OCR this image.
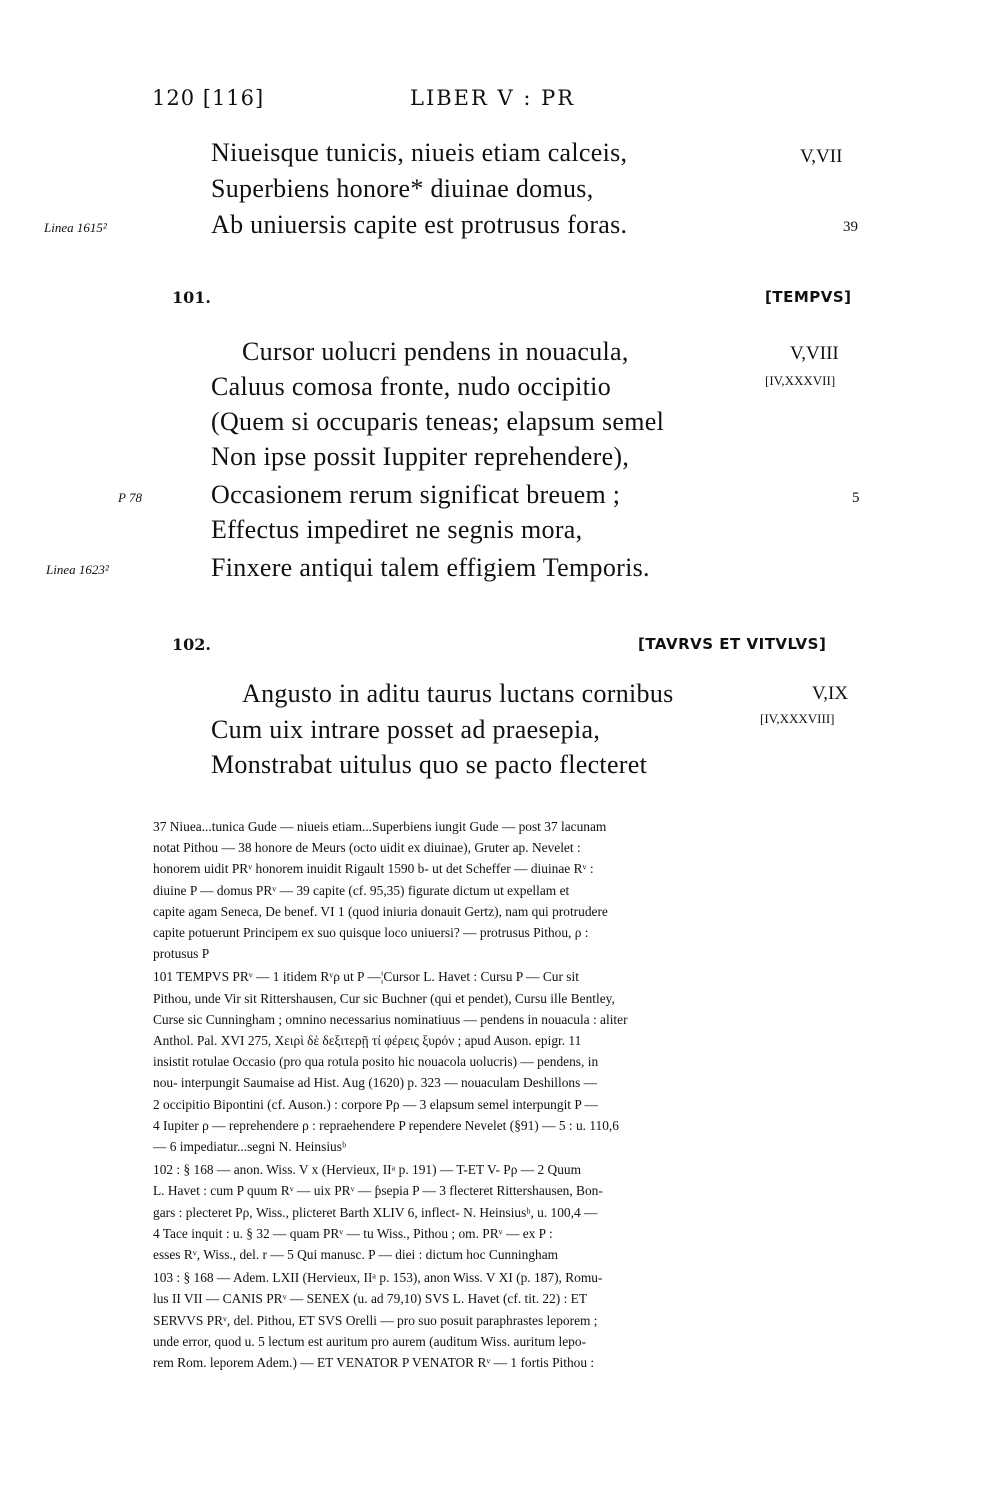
120 [116]	LIBER V : PR
Niueisque tunicis, niueis etiam calceis,
Superbiens honore* diuinae domus,
Ab uniuersis capite est protrusus foras.
V,VII
39
Linea 1615²
101.	[TEMPVS]
Cursor uolucri pendens in nouacula,
Caluus comosa fronte, nudo occipitio
(Quem si occuparis teneas; elapsum semel
Non ipse possit Iuppiter reprehendere),
Occasionem rerum significat breuem ;
Effectus impediret ne segnis mora,
Finxere antiqui talem effigiem Temporis.
V,VIII
[IV,XXXVII]
5
P 78
Linea 1623²
102.	[TAVRVS ET VITVLVS]
Angusto in aditu taurus luctans cornibus
Cum uix intrare posset ad praesepia,
Monstrabat uitulus quo se pacto flecteret
V,IX
[IV,XXXVIII]

37 Niuea...tunica Gude — niueis etiam...Superbiens iungit Gude — post 37 lacunam
notat Pithou — 38 honore de Meurs (octo uidit ex diuinae), Gruter ap. Nevelet :
honorem uidit PRᵛ honorem inuidit Rigault 1590 b- ut det Scheffer — diuinae Rᵛ :
diuine P — domus PRᵛ — 39 capite (cf. 95,35) figurate dictum ut expellam et
capite agam Seneca, De benef. VI 1 (quod iniuria donauit Gertz), nam qui protrudere
capite potuerunt Principem ex suo quisque loco uniuersi? — protrusus Pithou, ρ :
protusus P

101 TEMPVS PRᵛ — 1 itidem Rᵛρ ut P —¦Cursor L. Havet : Cursu P — Cur sit
Pithou, unde Vir sit Rittershausen, Cur sic Buchner (qui et pendet), Cursu ille Bentley,
Curse sic Cunningham ; omnino necessarius nominatiuus — pendens in nouacula : aliter
Anthol. Pal. XVI 275, Χειρὶ δὲ δεξιτερῇ τί φέρεις ξυρόν ; apud Auson. epigr. 11
insistit rotulae Occasio (pro qua rotula posito hic nouacola uolucris) — pendens, in
nou- interpungit Saumaise ad Hist. Aug (1620) p. 323 — nouaculam Deshillons —
2 occipitio Bipontini (cf. Auson.) : corpore Pρ — 3 elapsum semel interpungit P —
4 Iupiter ρ — reprehendere ρ : repraehendere P rependere Nevelet (§91) — 5 : u. 110,6
— 6 impediatur...segni N. Heinsiusᵇ

102 : § 168 — anon. Wiss. V x (Hervieux, IIᵃ p. 191) — T-ET V- Pρ — 2 Quum
L. Havet : cum P quum Rᵛ — uix PRᵛ — ƥsepia P — 3 flecteret Rittershausen, Bon-
gars : plecteret Pρ, Wiss., plicteret Barth XLIV 6, inflect- N. Heinsiusᵇ, u. 100,4 —
4 Tace inquit : u. § 32 — quam PRᵛ — tu Wiss., Pithou ; om. PRᵛ — ex P :
esses Rᵛ, Wiss., del. r — 5 Qui manusc. P — diei : dictum hoc Cunningham

103 : § 168 — Adem. LXII (Hervieux, IIᵃ p. 153), anon Wiss. V XI (p. 187), Romu-
lus II VII — CANIS PRᵛ — SENEX (u. ad 79,10) SVS L. Havet (cf. tit. 22) : ET
SERVVS PRᵛ, del. Pithou, ET SVS Orelli — pro suo posuit paraphrastes leporem ;
unde error, quod u. 5 lectum est auritum pro aurem (auditum Wiss. auritum lepo-
rem Rom. leporem Adem.) — ET VENATOR P VENATOR Rᵛ — 1 fortis Pithou :
